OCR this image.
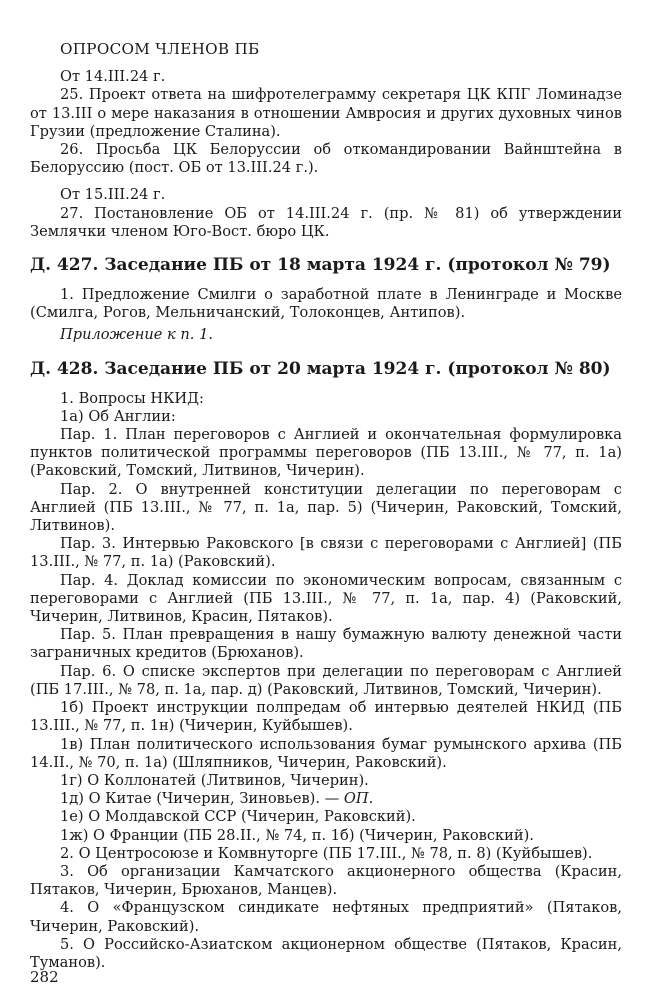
ОПРОСОМ ЧЛЕНОВ ПБ

От 14.III.24 г.

25. Проект ответа на шифротелеграмму секретаря ЦК КПГ Ломинадзе от 13.III о мере наказания в отношении Амвросия и других духовных чинов Грузии (предложение Сталина).

26. Просьба ЦК Белоруссии об откомандировании Вайнштейна в Белоруссию (пост. ОБ от 13.III.24 г.).

От 15.III.24 г.

27. Постановление ОБ от 14.III.24 г. (пр. № 81) об утверждении Землячки членом Юго-Вост. бюро ЦК.

Д. 427. Заседание ПБ от 18 марта 1924 г. (протокол № 79)

1. Предложение Смилги о заработной плате в Ленинграде и Москве (Смилга, Рогов, Мельничанский, Толоконцев, Антипов).

Приложение к п. 1.

Д. 428. Заседание ПБ от 20 марта 1924 г. (протокол № 80)

1. Вопросы НКИД:

1а) Об Англии:

Пар. 1. План переговоров с Англией и окончательная формулировка пунктов политической программы переговоров (ПБ 13.III., № 77, п. 1а) (Раковский, Томский, Литвинов, Чичерин).

Пар. 2. О внутренней конституции делегации по переговорам с Англией (ПБ 13.III., № 77, п. 1а, пар. 5) (Чичерин, Раковский, Томский, Литвинов).

Пар. 3. Интервью Раковского [в связи с переговорами с Англией] (ПБ 13.III., № 77, п. 1а) (Раковский).

Пар. 4. Доклад комиссии по экономическим вопросам, связанным с переговорами с Англией (ПБ 13.III., № 77, п. 1а, пар. 4) (Раковский, Чичерин, Литвинов, Красин, Пятаков).

Пар. 5. План превращения в нашу бумажную валюту денежной части заграничных кредитов (Брюханов).

Пар. 6. О списке экспертов при делегации по переговорам с Англией (ПБ 17.III., № 78, п. 1а, пар. д) (Раковский, Литвинов, Томский, Чичерин).

1б) Проект инструкции полпредам об интервью деятелей НКИД (ПБ 13.III., № 77, п. 1н) (Чичерин, Куйбышев).

1в) План политического использования бумаг румынского архива (ПБ 14.II., № 70, п. 1а) (Шляпников, Чичерин, Раковский).

1г) О Коллонатей (Литвинов, Чичерин).

1д) О Китае (Чичерин, Зиновьев). — ОП.

1е) О Молдавской ССР (Чичерин, Раковский).

1ж) О Франции (ПБ 28.II., № 74, п. 1б) (Чичерин, Раковский).

2. О Центросоюзе и Комвнуторге (ПБ 17.III., № 78, п. 8) (Куйбышев).

3. Об организации Камчатского акционерного общества (Красин, Пятаков, Чичерин, Брюханов, Манцев).

4. О «Французском синдикате нефтяных предприятий» (Пятаков, Чичерин, Раковский).

5. О Российско-Азиатском акционерном обществе (Пятаков, Красин, Туманов).

282
